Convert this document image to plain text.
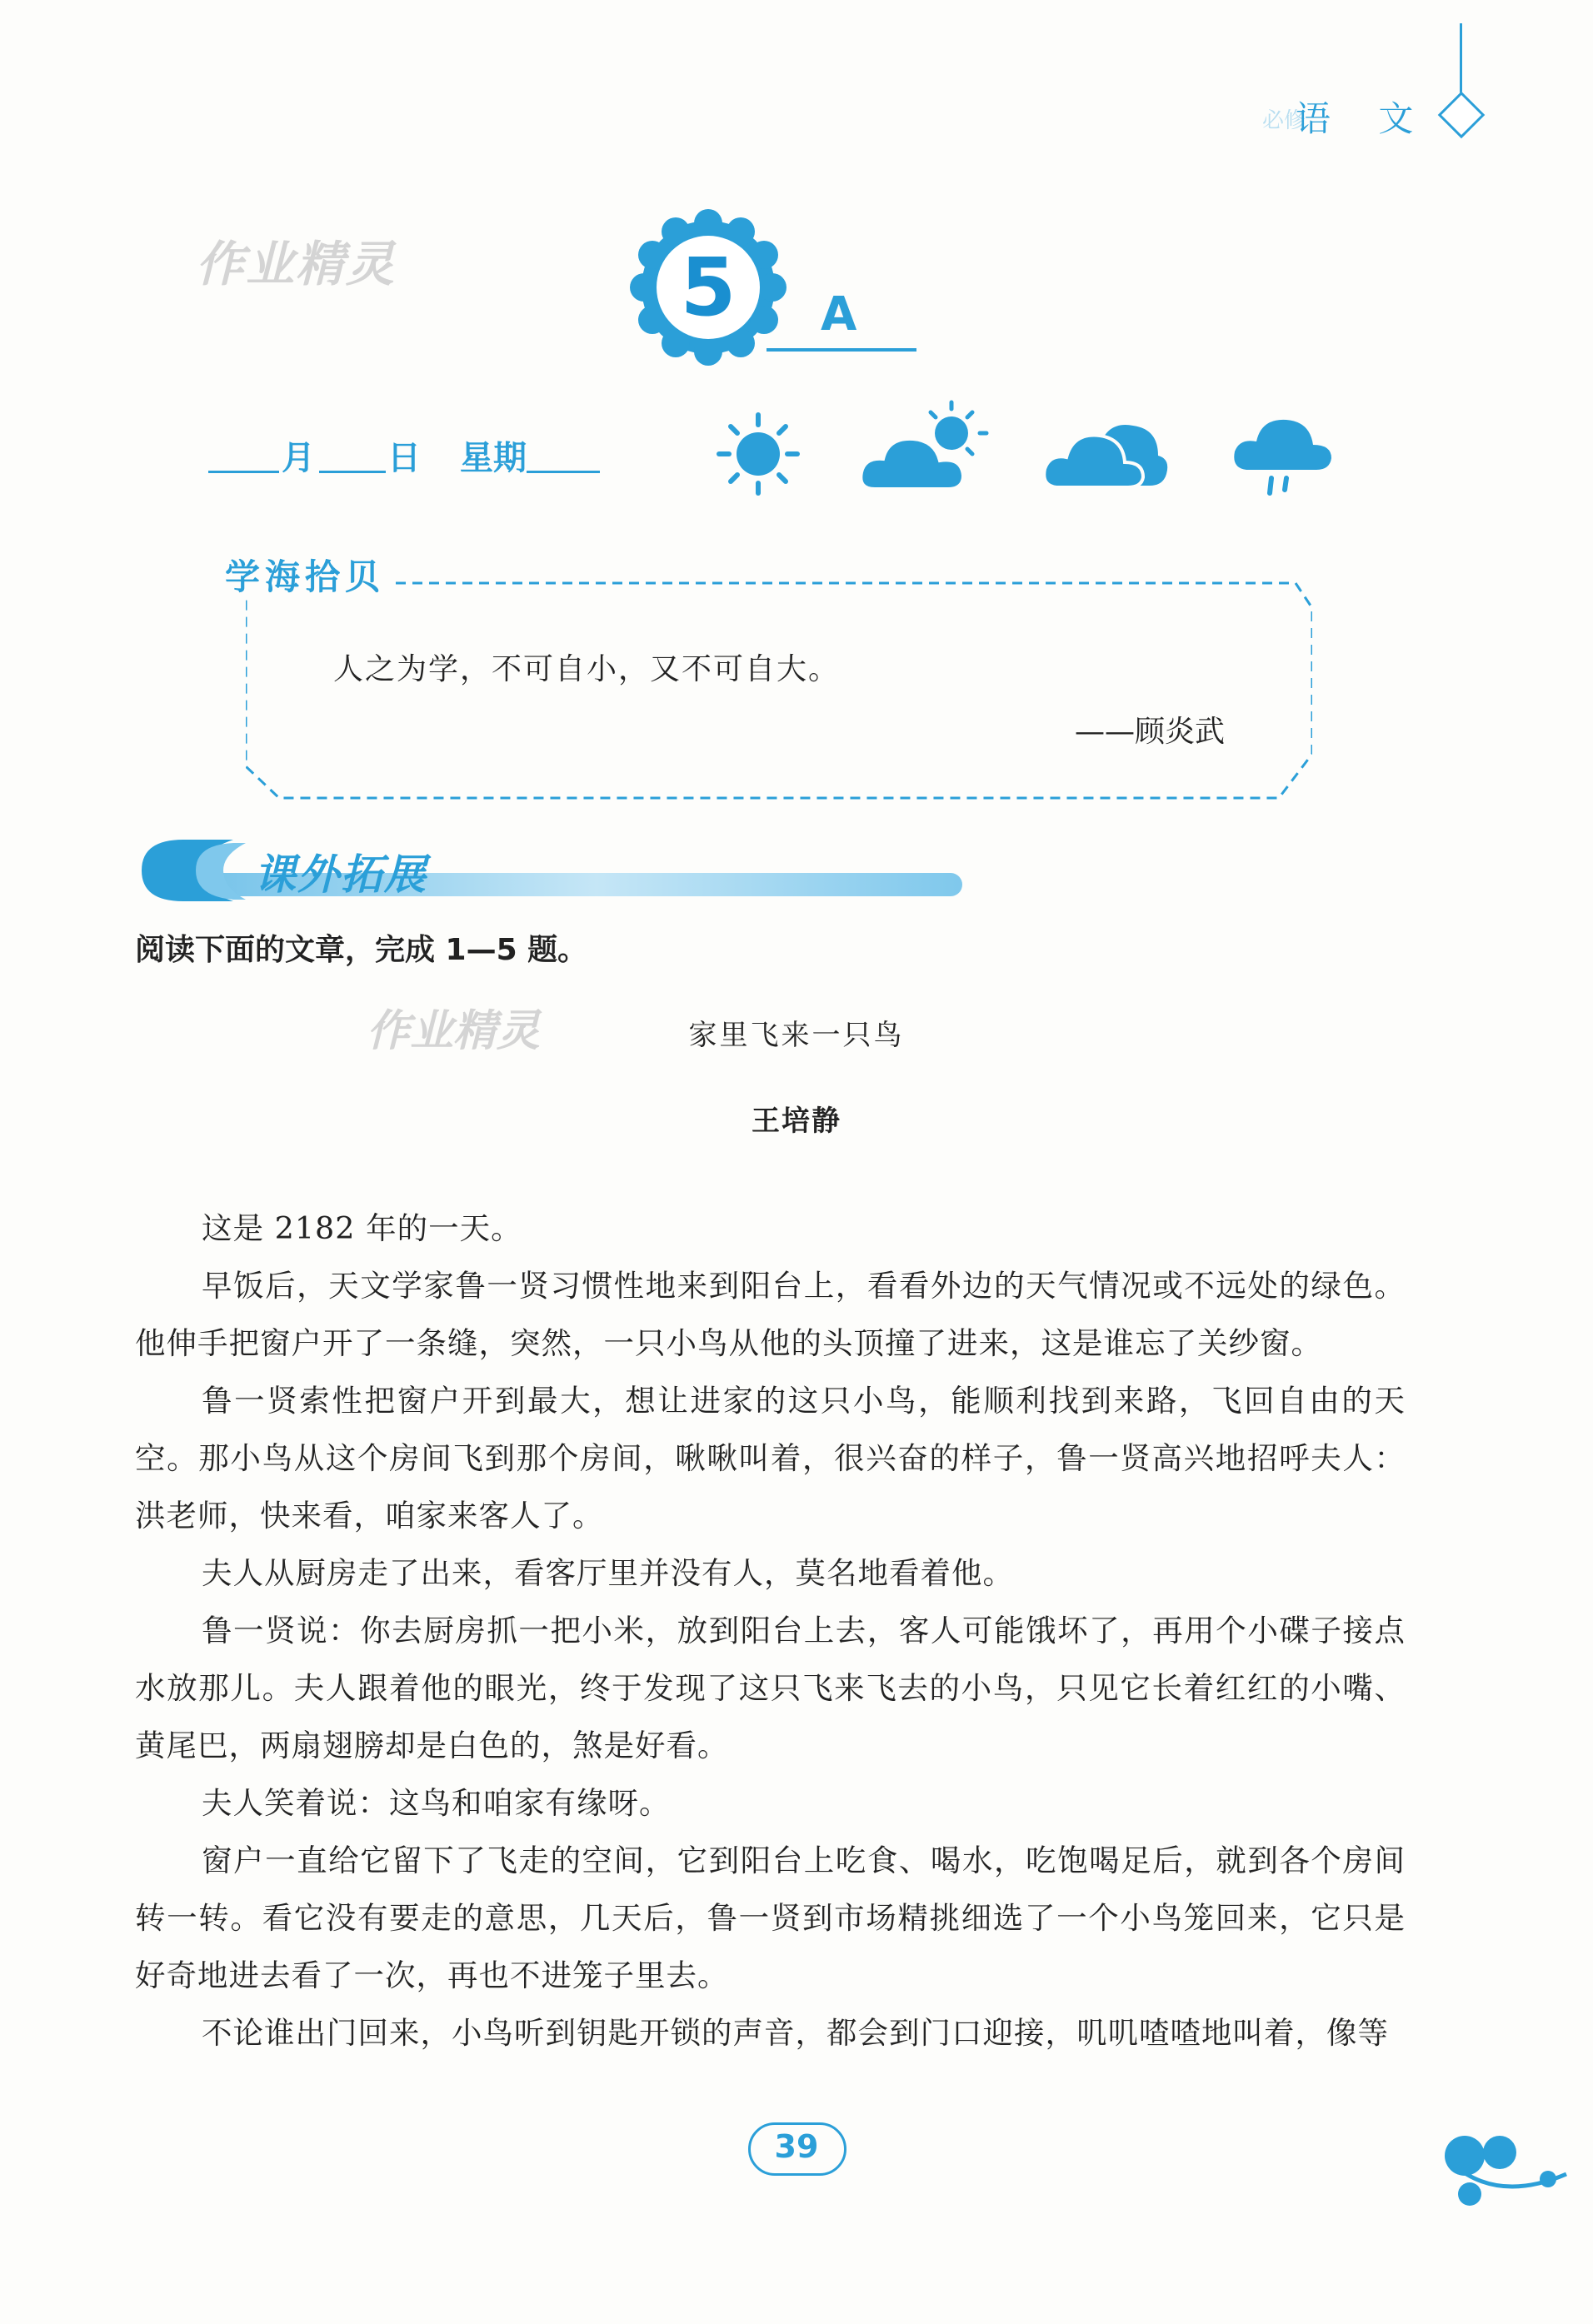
必修
语 文
作业精灵
作业精灵
5	A
月 日 星期
学海拾贝
人之为学，不可自小，又不可自大。
——顾炎武
课外拓展
阅读下面的文章，完成 1—5 题。
家里飞来一只鸟
王培静

这是 2182 年的一天。

早饭后，天文学家鲁一贤习惯性地来到阳台上，看看外边的天气情况或不远处的绿色。他伸手把窗户开了一条缝，突然，一只小鸟从他的头顶撞了进来，这是谁忘了关纱窗。

鲁一贤索性把窗户开到最大，想让进家的这只小鸟，能顺利找到来路，飞回自由的天空。那小鸟从这个房间飞到那个房间，啾啾叫着，很兴奋的样子，鲁一贤高兴地招呼夫人：洪老师，快来看，咱家来客人了。

夫人从厨房走了出来，看客厅里并没有人，莫名地看着他。

鲁一贤说：你去厨房抓一把小米，放到阳台上去，客人可能饿坏了，再用个小碟子接点水放那儿。夫人跟着他的眼光，终于发现了这只飞来飞去的小鸟，只见它长着红红的小嘴、黄尾巴，两扇翅膀却是白色的，煞是好看。

夫人笑着说：这鸟和咱家有缘呀。

窗户一直给它留下了飞走的空间，它到阳台上吃食、喝水，吃饱喝足后，就到各个房间转一转。看它没有要走的意思，几天后，鲁一贤到市场精挑细选了一个小鸟笼回来，它只是好奇地进去看了一次，再也不进笼子里去。

不论谁出门回来，小鸟听到钥匙开锁的声音，都会到门口迎接，叽叽喳喳地叫着，像等

39
